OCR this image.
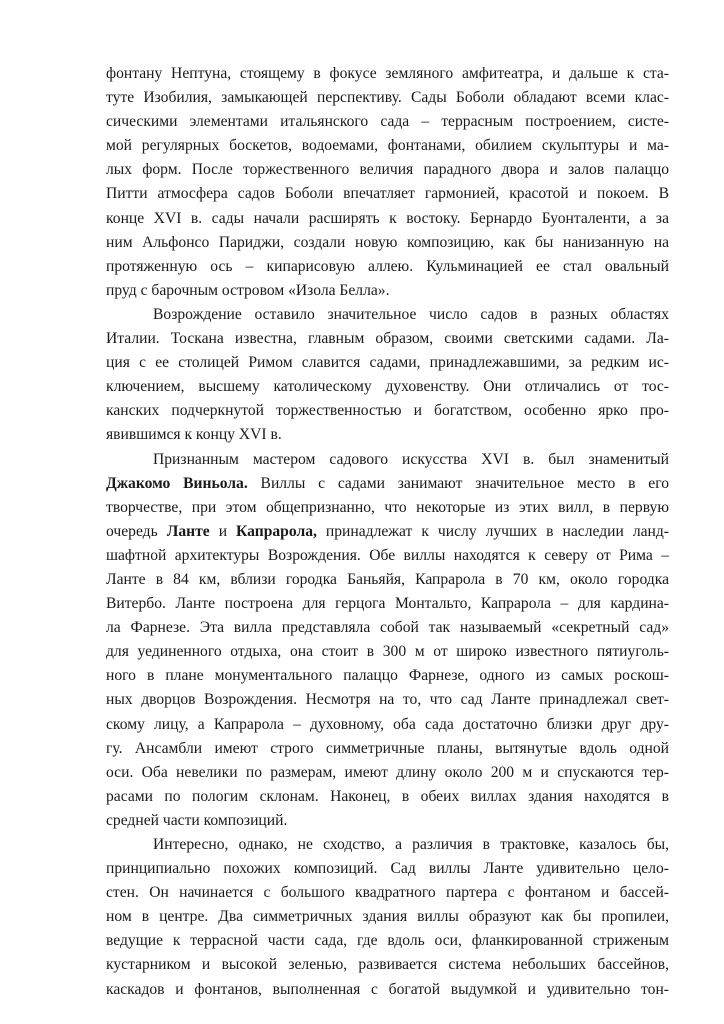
фонтану Нептуна, стоящему в фокусе земляного амфитеатра, и дальше к ста-
тутe Изобилия, замыкающей перспективу. Сады Боболи обладают всеми клас-
сическими элементами итальянского сада – террасным построением, систе-
мой регулярных боскетов, водоемами, фонтанами, обилием скульптуры и ма-
лых форм. После торжественного величия парадного двора и залов палаццо
Питти атмосфера садов Боболи впечатляет гармонией, красотой и покоем. В
конце XVI в. сады начали расширять к востоку. Бернардо Буонталенти, а за
ним Альфонсо Париджи, создали новую композицию, как бы нанизанную на
протяженную ось – кипарисовую аллею. Кульминацией ее стал овальный
пруд с барочным островом «Изола Белла».

Возрождение оставило значительное число садов в разных областях
Италии. Тоскана известна, главным образом, своими светскими садами. Ла-
ция с ее столицей Римом славится садами, принадлежавшими, за редким ис-
ключением, высшему католическому духовенству. Они отличались от тос-
канских подчеркнутой торжественностью и богатством, особенно ярко про-
явившимся к концу XVI в.

Признанным мастером садового искусства XVI в. был знаменитый
Джакомо Виньола. Виллы с садами занимают значительное место в его
творчестве, при этом общепризнанно, что некоторые из этих вилл, в первую
очередь Ланте и Капрарола, принадлежат к числу лучших в наследии ланд-
шафтной архитектуры Возрождения. Обе виллы находятся к северу от Рима –
Ланте в 84 км, вблизи городка Баньяйя, Капрарола в 70 км, около городка
Витербо. Ланте построена для герцога Монтальто, Капрарола – для кардина-
ла Фарнезе. Эта вилла представляла собой так называемый «секретный сад»
для уединенного отдыха, она стоит в 300 м от широко известного пятиуголь-
ного в плане монументального палаццо Фарнезе, одного из самых роскош-
ных дворцов Возрождения. Несмотря на то, что сад Ланте принадлежал свет-
скому лицу, а Капрарола – духовному, оба сада достаточно близки друг дру-
гу. Ансамбли имеют строго симметричные планы, вытянутые вдоль одной
оси. Оба невелики по размерам, имеют длину около 200 м и спускаются тер-
расами по пологим склонам. Наконец, в обеих виллах здания находятся в
средней части композиций.

Интересно, однако, не сходство, а различия в трактовке, казалось бы,
принципиально похожих композиций. Сад виллы Ланте удивительно цело-
стен. Он начинается с большого квадратного партера с фонтаном и бассей-
ном в центре. Два симметричных здания виллы образуют как бы пропилеи,
ведущие к террасной части сада, где вдоль оси, фланкированной стриженым
кустарником и высокой зеленью, развивается система небольших бассейнов,
каскадов и фонтанов, выполненная с богатой выдумкой и удивительно тон-
